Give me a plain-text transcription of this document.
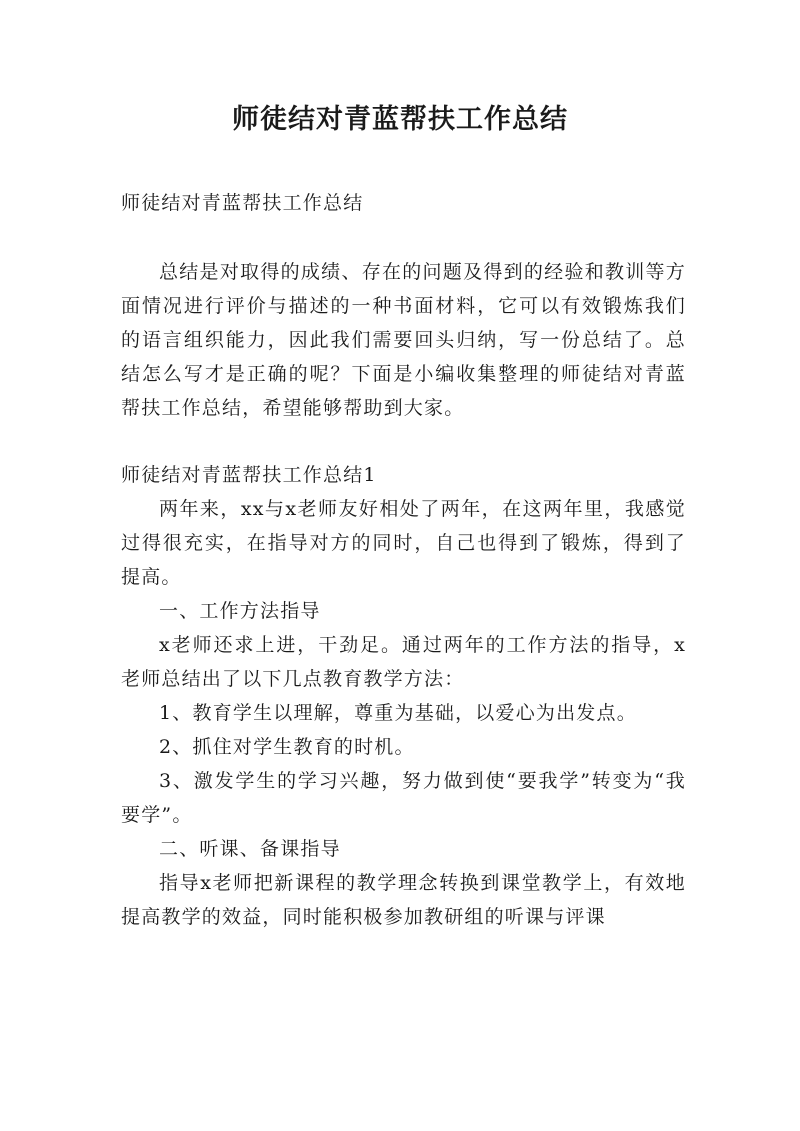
师徒结对青蓝帮扶工作总结

师徒结对青蓝帮扶工作总结

总结是对取得的成绩、存在的问题及得到的经验和教训等方面情况进行评价与描述的一种书面材料，它可以有效锻炼我们的语言组织能力，因此我们需要回头归纳，写一份总结了。总结怎么写才是正确的呢？下面是小编收集整理的师徒结对青蓝帮扶工作总结，希望能够帮助到大家。

师徒结对青蓝帮扶工作总结1

两年来，xx与x老师友好相处了两年，在这两年里，我感觉过得很充实，在指导对方的同时，自己也得到了锻炼，得到了提高。

一、工作方法指导

x老师还求上进，干劲足。通过两年的工作方法的指导，x老师总结出了以下几点教育教学方法：

1、教育学生以理解，尊重为基础，以爱心为出发点。

2、抓住对学生教育的时机。

3、激发学生的学习兴趣，努力做到使“要我学”转变为“我要学”。

二、听课、备课指导

指导x老师把新课程的教学理念转换到课堂教学上，有效地提高教学的效益，同时能积极参加教研组的听课与评课
